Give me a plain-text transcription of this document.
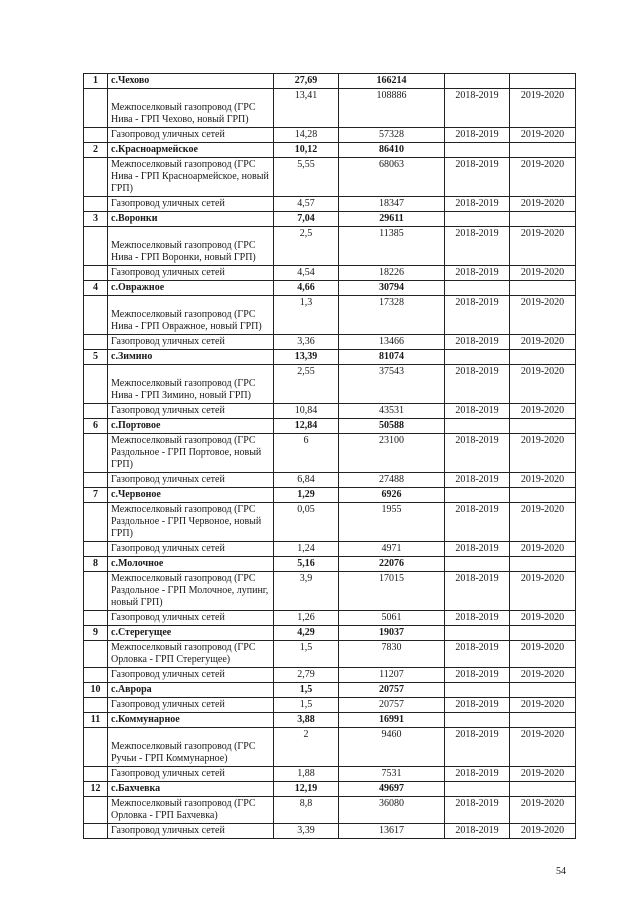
1	с.Чехово	27,69	166214		
	Межпоселковый газопровод (ГРС Нива - ГРП Чехово, новый ГРП)	13,41	108886	2018-2019	2019-2020
	Газопровод уличных сетей	14,28	57328	2018-2019	2019-2020
2	с.Красноармейское	10,12	86410		
	Межпоселковый газопровод (ГРС Нива - ГРП Красноармейское, новый ГРП)	5,55	68063	2018-2019	2019-2020
	Газопровод уличных сетей	4,57	18347	2018-2019	2019-2020
3	с.Воронки	7,04	29611		
	Межпоселковый газопровод (ГРС Нива - ГРП Воронки, новый ГРП)	2,5	11385	2018-2019	2019-2020
	Газопровод уличных сетей	4,54	18226	2018-2019	2019-2020
4	с.Овражное	4,66	30794		
	Межпоселковый газопровод (ГРС Нива - ГРП Овражное, новый ГРП)	1,3	17328	2018-2019	2019-2020
	Газопровод уличных сетей	3,36	13466	2018-2019	2019-2020
5	с.Зимино	13,39	81074		
	Межпоселковый газопровод (ГРС Нива - ГРП Зимино, новый ГРП)	2,55	37543	2018-2019	2019-2020
	Газопровод уличных сетей	10,84	43531	2018-2019	2019-2020
6	с.Портовое	12,84	50588		
	Межпоселковый газопровод (ГРС Раздольное - ГРП Портовое, новый ГРП)	6	23100	2018-2019	2019-2020
	Газопровод уличных сетей	6,84	27488	2018-2019	2019-2020
7	с.Червоное	1,29	6926		
	Межпоселковый газопровод (ГРС Раздольное - ГРП Червоное, новый ГРП)	0,05	1955	2018-2019	2019-2020
	Газопровод уличных сетей	1,24	4971	2018-2019	2019-2020
8	с.Молочное	5,16	22076		
	Межпоселковый газопровод (ГРС Раздольное - ГРП Молочное, лупинг, новый ГРП)	3,9	17015	2018-2019	2019-2020
	Газопровод уличных сетей	1,26	5061	2018-2019	2019-2020
9	с.Стерегущее	4,29	19037		
	Межпоселковый газопровод (ГРС Орловка - ГРП Стерегущее)	1,5	7830	2018-2019	2019-2020
	Газопровод уличных сетей	2,79	11207	2018-2019	2019-2020
10	с.Аврора	1,5	20757		
	Газопровод уличных сетей	1,5	20757	2018-2019	2019-2020
11	с.Коммунарное	3,88	16991		
	Межпоселковый газопровод (ГРС Ручьи - ГРП Коммунарное)	2	9460	2018-2019	2019-2020
	Газопровод уличных сетей	1,88	7531	2018-2019	2019-2020
12	с.Бахчевка	12,19	49697		
	Межпоселковый газопровод (ГРС Орловка - ГРП Бахчевка)	8,8	36080	2018-2019	2019-2020
	Газопровод уличных сетей	3,39	13617	2018-2019	2019-2020
54
